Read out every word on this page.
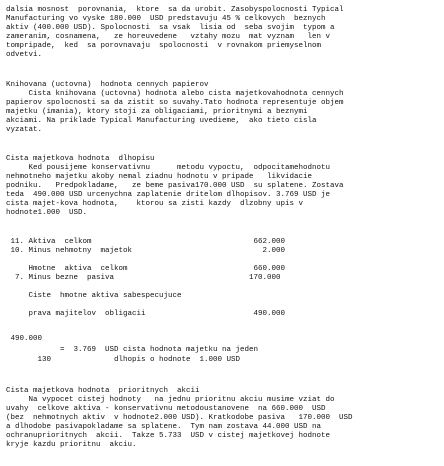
dalsia mosnost  porovnania,  ktore  sa da urobit. Zasobyspolocnosti Typical
Manufacturing vo vyske 180.000  USD predstavuju 45 % celkovych  beznych
aktiv (400.000 USD). Spolocnosti  sa vsak  lisia od  seba svojim  typom a
zameranim, cosnamena,   ze horeuvedene   vztahy mozu  mat vyznam   len v
tompripade,  ked  sa porovnavaju  spolocnosti  v rovnakom priemyselnom
odvetvi.
Knihovana (uctovna)  hodnota cennych papierov
Cista knihovana (uctovna) hodnota alebo cista majetkovahodnota cennych
papierov spolocnosti sa da zistit so suvahy.Tato hodnota representuje objem
majetku (imania), ktory stoji za obligaciami, prioritnymi a beznymi
akciami. Na priklade Typical Manufacturing uvedieme,  ako tieto cisla
vyzatat.
Cista majetkova hodnota  dlhopisu
Ked pousijeme konservativnu      metodu vypoctu,  odpocitamehodnotu
nehmotneho majetku akoby nemal ziadnu hodnotu v pripade   likvidacie
podniku.   Predpokladame,   ze beme pasiva170.000 USD  su splatene. Zostava
teda  490.000 USD urcenychna zaplatenie dritelom dlhopisov. 3.769 USD je
cista majet-kova hodnota,    ktorou sa zisti kazdy  dlzobny upis v
hodnote1.000  USD.
11. Aktiva  celkom                                    662.000
10. Minus nehmotny  majetok                             2.000
Hmotne  aktiva  celkom                            660.000
7. Minus bezne  pasiva                              170.000
Ciste  hmotne aktiva sabespecujuce
prava majitelov  obligacii                        490.000
490.000
=  3.769  USD cista hodnota majetku na jeden
130              dlhopis o hodnote  1.000 USD
Cista majetkova hodnota  prioritnych  akcii
Na vypocet cistej hodnoty   na jednu prioritnu akciu musime vziat do
uvahy  celkove aktiva - konservativnu metodoustanovene  na 660.000  USD
(bez  nehmotnych aktiv  v hodnote2.000 USD). Kratkodobe pasiva   170.000  USD
a dlhodobe pasivapokladame sa splatene.  Tym nam zostava 44.000 USD na
ochranuprioritnych  akcii.  Takze 5.733  USD v cistej majetkovej hodnote
kryje kazdu prioritnu  akciu.
